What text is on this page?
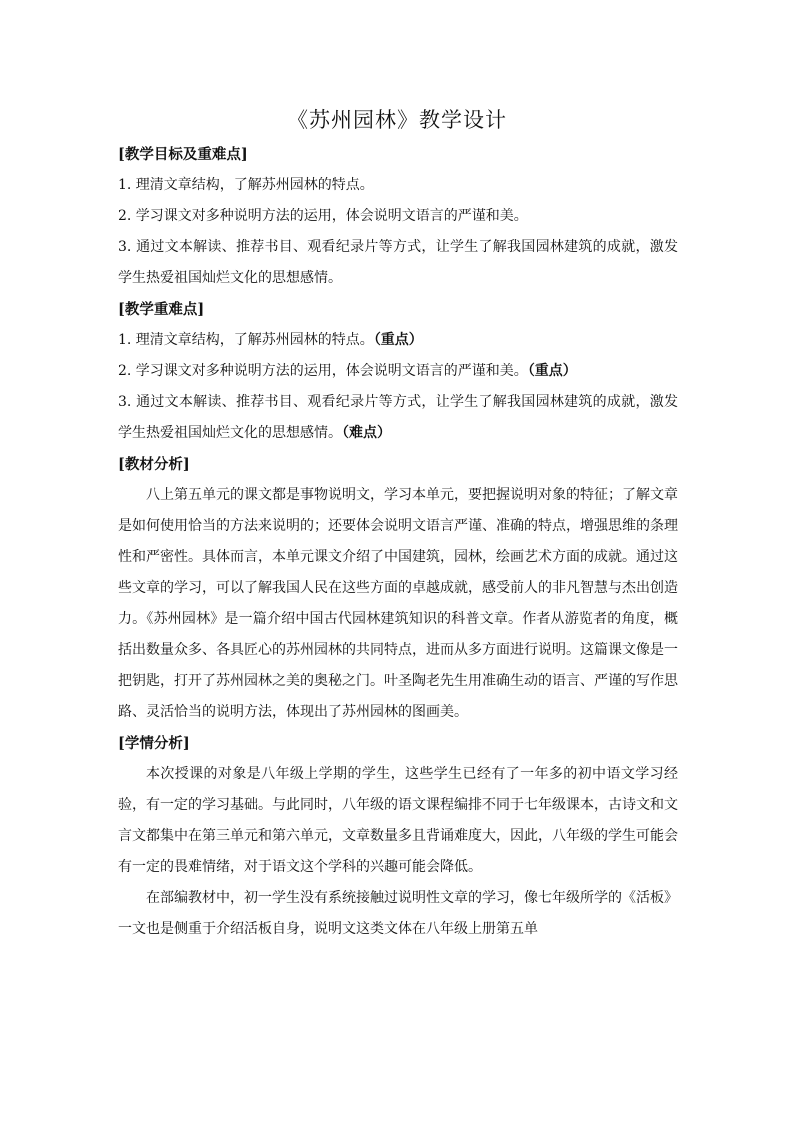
《苏州园林》教学设计

[教学目标及重难点]

1. 理清文章结构，了解苏州园林的特点。

2. 学习课文对多种说明方法的运用，体会说明文语言的严谨和美。

3. 通过文本解读、推荐书目、观看纪录片等方式，让学生了解我国园林建筑的成就，激发学生热爱祖国灿烂文化的思想感情。

[教学重难点]

1. 理清文章结构，了解苏州园林的特点。（重点）

2. 学习课文对多种说明方法的运用，体会说明文语言的严谨和美。（重点）

3. 通过文本解读、推荐书目、观看纪录片等方式，让学生了解我国园林建筑的成就，激发学生热爱祖国灿烂文化的思想感情。（难点）

[教材分析]

八上第五单元的课文都是事物说明文，学习本单元，要把握说明对象的特征；了解文章是如何使用恰当的方法来说明的；还要体会说明文语言严谨、准确的特点，增强思维的条理性和严密性。具体而言，本单元课文介绍了中国建筑，园林，绘画艺术方面的成就。通过这些文章的学习，可以了解我国人民在这些方面的卓越成就，感受前人的非凡智慧与杰出创造力。《苏州园林》是一篇介绍中国古代园林建筑知识的科普文章。作者从游览者的角度，概括出数量众多、各具匠心的苏州园林的共同特点，进而从多方面进行说明。这篇课文像是一把钥匙，打开了苏州园林之美的奥秘之门。叶圣陶老先生用准确生动的语言、严谨的写作思路、灵活恰当的说明方法，体现出了苏州园林的图画美。

[学情分析]

本次授课的对象是八年级上学期的学生，这些学生已经有了一年多的初中语文学习经验，有一定的学习基础。与此同时，八年级的语文课程编排不同于七年级课本，古诗文和文言文都集中在第三单元和第六单元，文章数量多且背诵难度大，因此，八年级的学生可能会有一定的畏难情绪，对于语文这个学科的兴趣可能会降低。

在部编教材中，初一学生没有系统接触过说明性文章的学习，像七年级所学的《活板》一文也是侧重于介绍活板自身，说明文这类文体在八年级上册第五单
